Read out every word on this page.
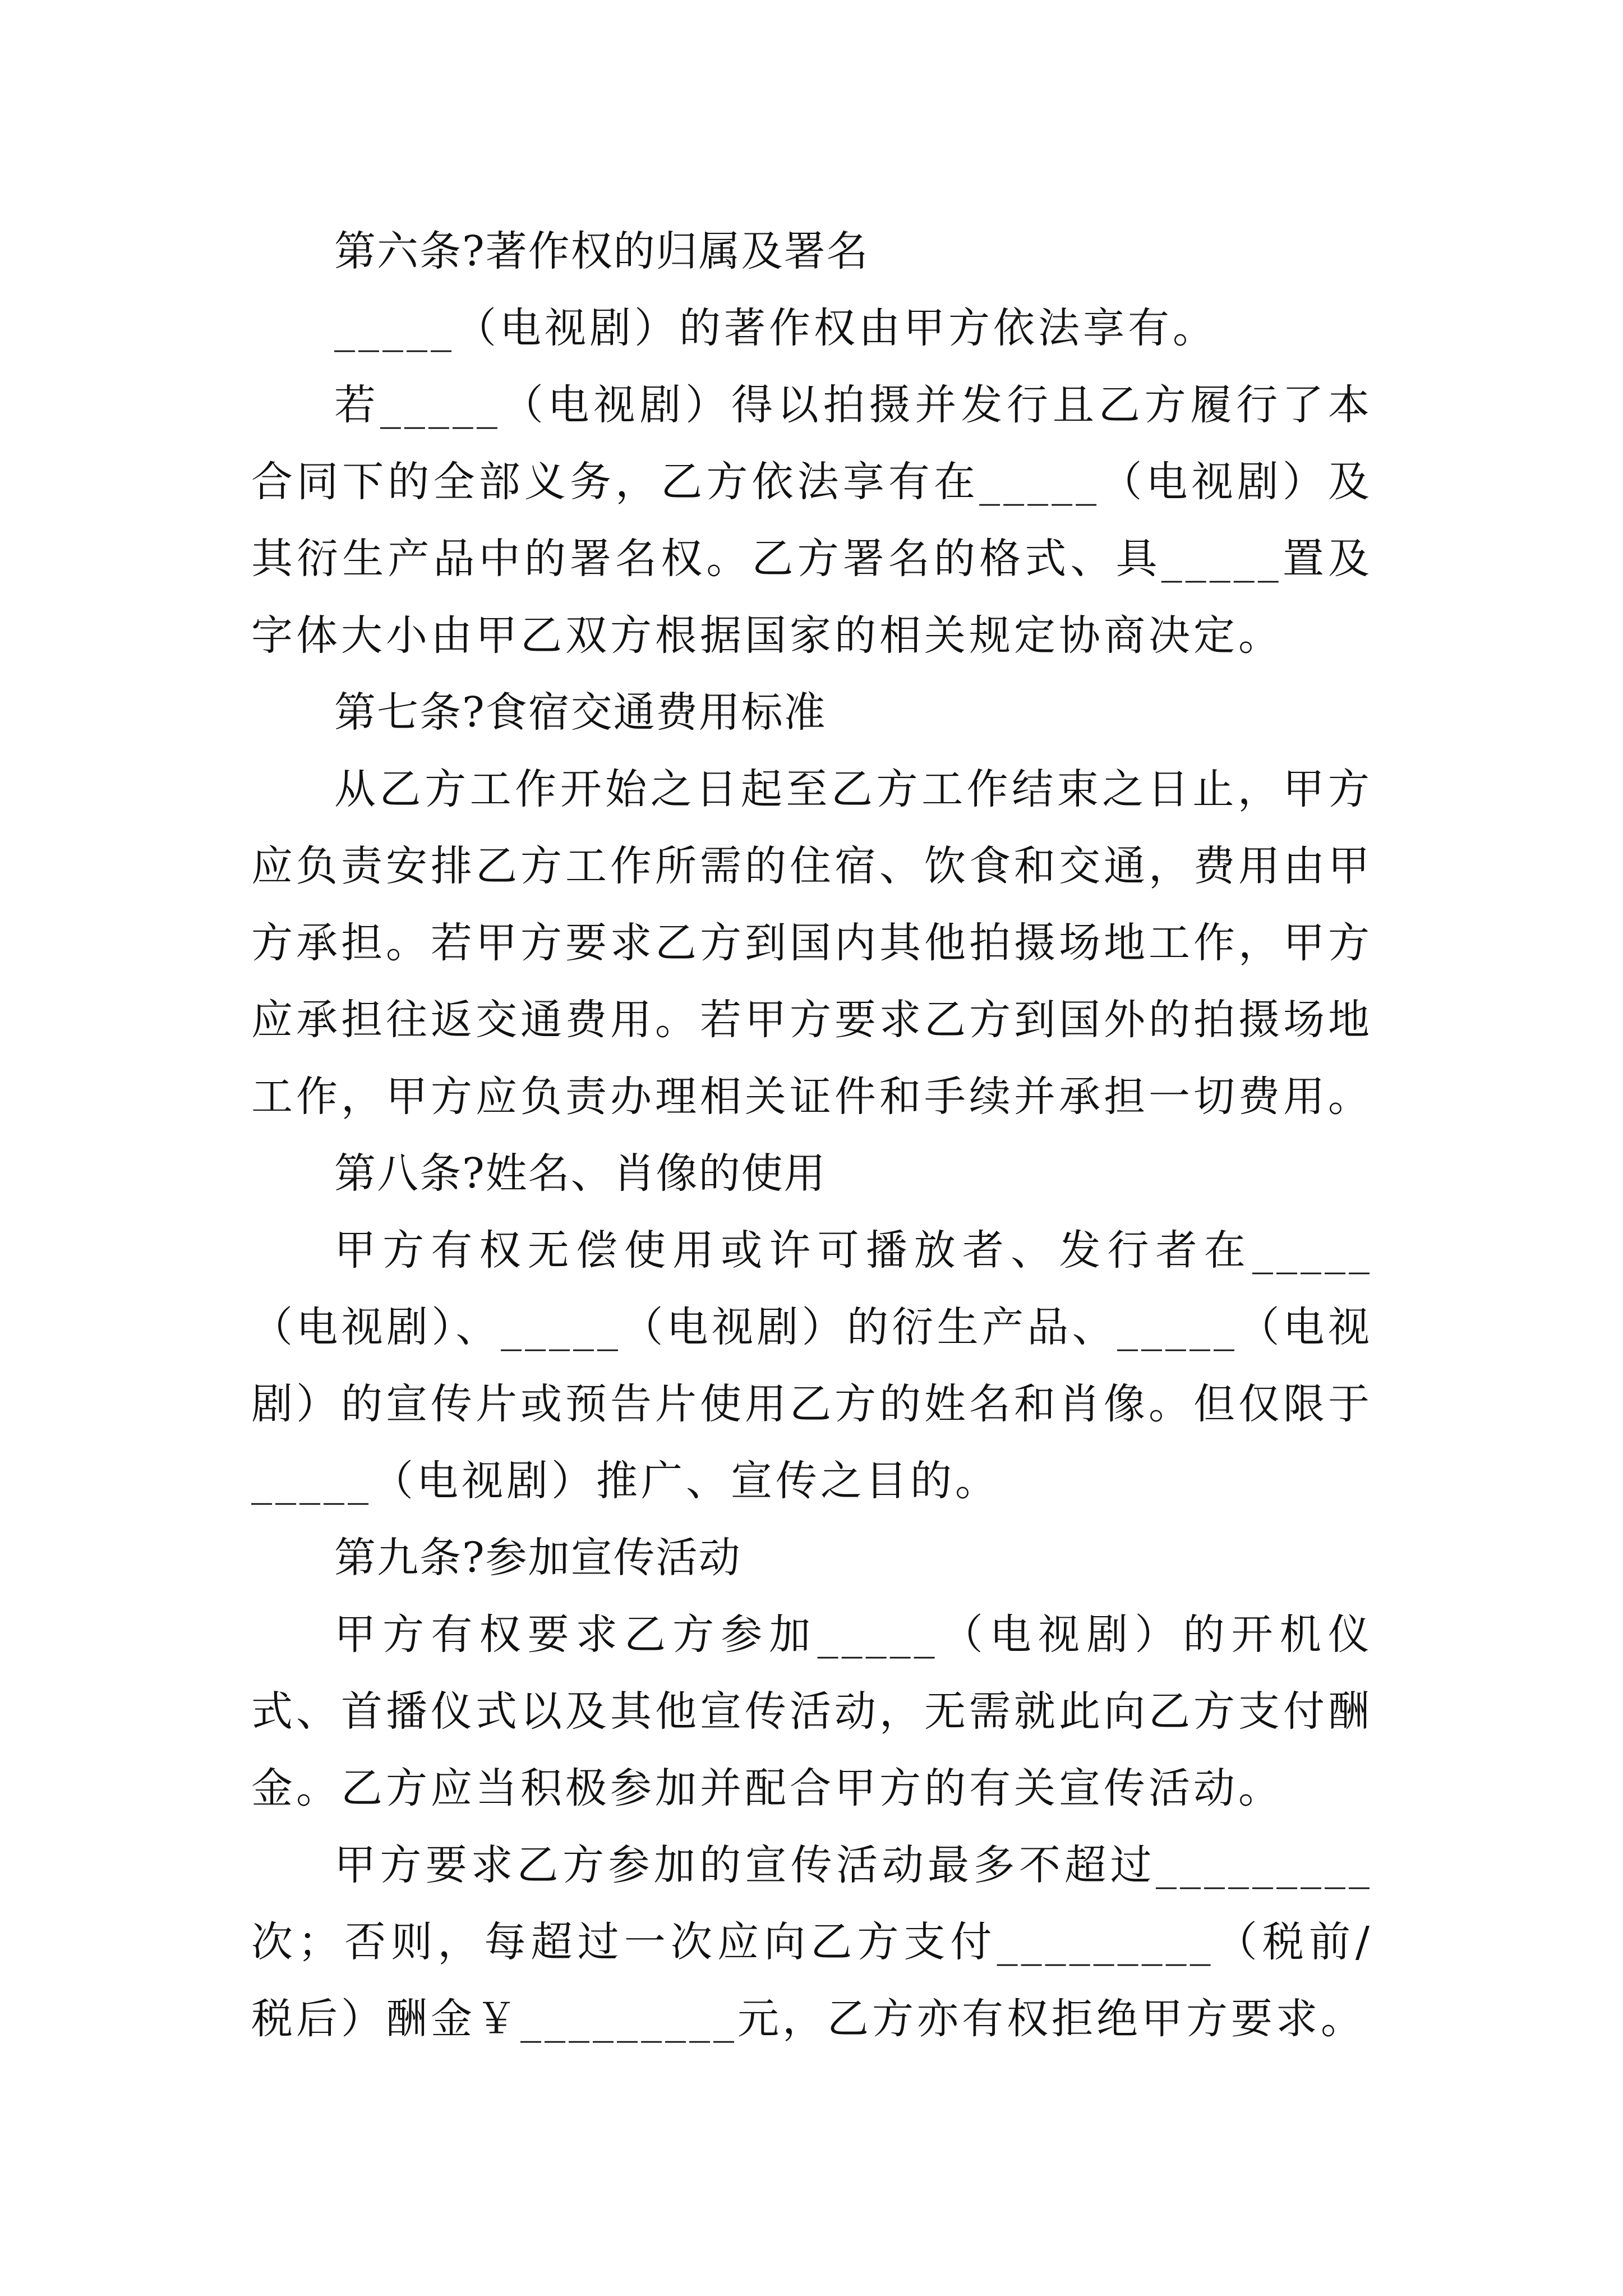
第六条?著作权的归属及署名

_____（电视剧）的著作权由甲方依法享有。

若_____（电视剧）得以拍摄并发行且乙方履行了本合同下的全部义务，乙方依法享有在_____（电视剧）及其衍生产品中的署名权。乙方署名的格式、具_____置及字体大小由甲乙双方根据国家的相关规定协商决定。

第七条?食宿交通费用标准

从乙方工作开始之日起至乙方工作结束之日止，甲方应负责安排乙方工作所需的住宿、饮食和交通，费用由甲方承担。若甲方要求乙方到国内其他拍摄场地工作，甲方应承担往返交通费用。若甲方要求乙方到国外的拍摄场地工作，甲方应负责办理相关证件和手续并承担一切费用。

第八条?姓名、肖像的使用

甲方有权无偿使用或许可播放者、发行者在_____（电视剧）、_____（电视剧）的衍生产品、_____（电视剧）的宣传片或预告片使用乙方的姓名和肖像。但仅限于_____（电视剧）推广、宣传之目的。

第九条?参加宣传活动

甲方有权要求乙方参加_____（电视剧）的开机仪式、首播仪式以及其他宣传活动，无需就此向乙方支付酬金。乙方应当积极参加并配合甲方的有关宣传活动。

甲方要求乙方参加的宣传活动最多不超过_________次；否则，每超过一次应向乙方支付_________（税前/税后）酬金￥_________元，乙方亦有权拒绝甲方要求。
